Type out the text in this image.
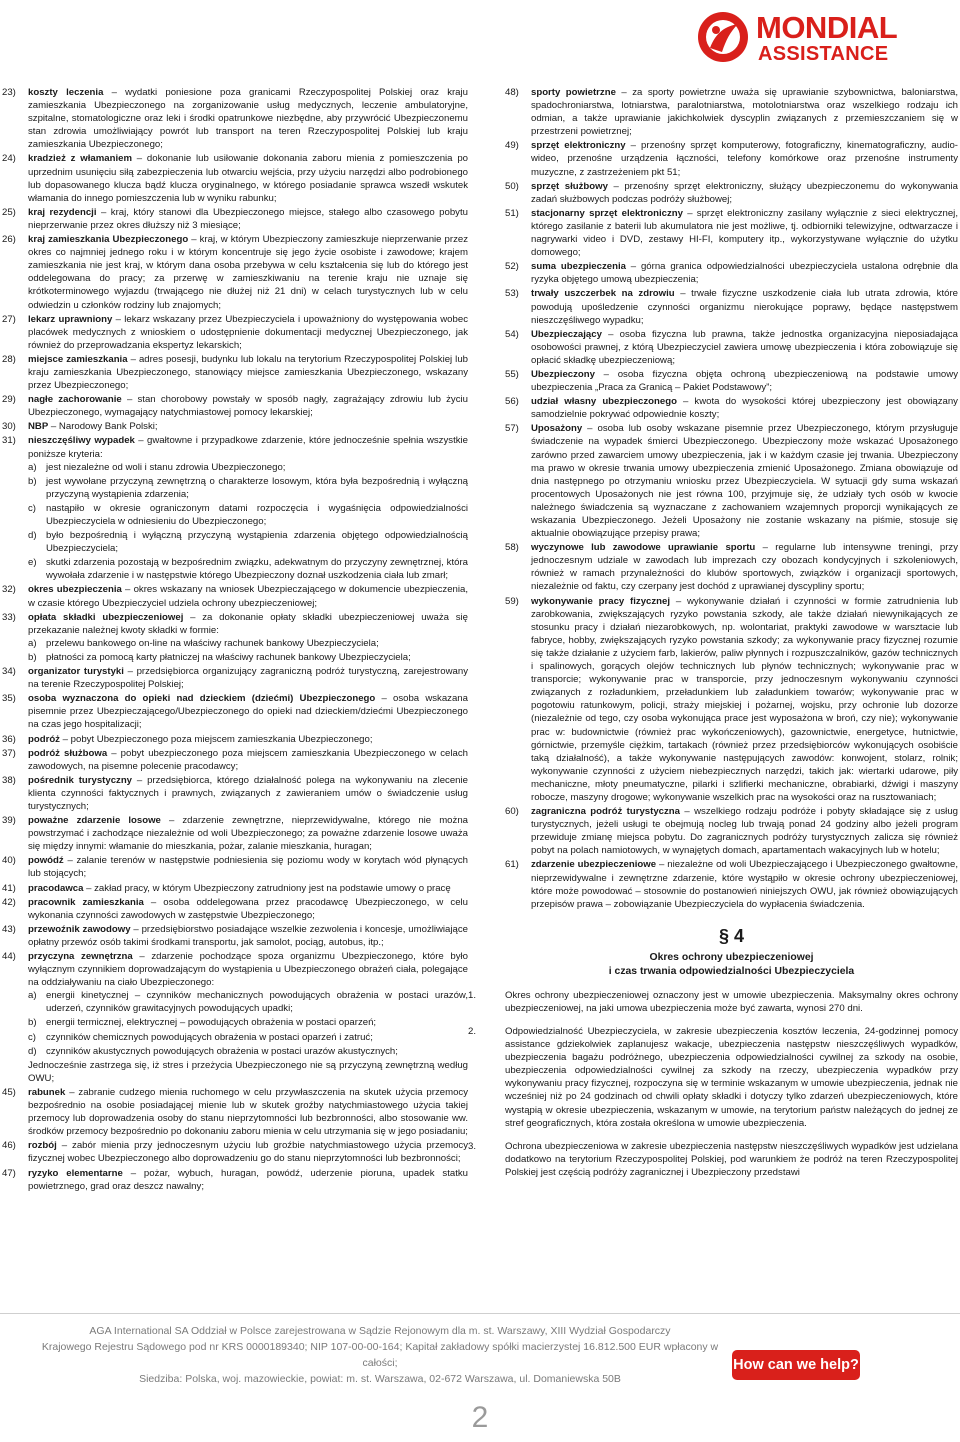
MONDIAL
ASSISTANCE
23) koszty leczenia – wydatki poniesione poza granicami Rzeczypospolitej Polskiej oraz kraju zamieszkania Ubezpieczonego na zorganizowanie usług medycznych, leczenie ambulatoryjne, szpitalne, stomatologiczne oraz leki i środki opatrunkowe niezbędne, aby przywrócić Ubezpieczonemu stan zdrowia umożliwiający powrót lub transport na teren Rzeczypospolitej Polskiej lub kraju zamieszkania Ubezpieczonego;
24) kradzież z włamaniem – dokonanie lub usiłowanie dokonania zaboru mienia z pomieszczenia po uprzednim usunięciu siłą zabezpieczenia lub otwarciu wejścia, przy użyciu narzędzi albo podrobionego lub dopasowanego klucza bądź klucza oryginalnego, w którego posiadanie sprawca wszedł wskutek włamania do innego pomieszczenia lub w wyniku rabunku;
25) kraj rezydencji – kraj, który stanowi dla Ubezpieczonego miejsce, stałego albo czasowego pobytu nieprzerwanie przez okres dłuższy niż 3 miesiące;
26) kraj zamieszkania Ubezpieczonego – kraj, w którym Ubezpieczony zamieszkuje nieprzerwanie przez okres co najmniej jednego roku i w którym koncentruje się jego życie osobiste i zawodowe; krajem zamieszkania nie jest kraj, w którym dana osoba przebywa w celu kształcenia się lub do którego jest oddelegowana do pracy; za przerwę w zamieszkiwaniu na terenie kraju nie uznaje się krótkoterminowego wyjazdu (trwającego nie dłużej niż 21 dni) w celach turystycznych lub w celu odwiedzin u członków rodziny lub znajomych;
27) lekarz uprawniony – lekarz wskazany przez Ubezpieczyciela i upoważniony do występowania wobec placówek medycznych z wnioskiem o udostępnienie dokumentacji medycznej Ubezpieczonego, jak również do przeprowadzania ekspertyz lekarskich;
28) miejsce zamieszkania – adres posesji, budynku lub lokalu na terytorium Rzeczypospolitej Polskiej lub kraju zamieszkania Ubezpieczonego, stanowiący miejsce zamieszkania Ubezpieczonego, wskazany przez Ubezpieczonego;
29) nagłe zachorowanie – stan chorobowy powstały w sposób nagły, zagrażający zdrowiu lub życiu Ubezpieczonego, wymagający natychmiastowej pomocy lekarskiej;
30) NBP – Narodowy Bank Polski;
31) nieszczęśliwy wypadek – gwałtowne i przypadkowe zdarzenie, które jednocześnie spełnia wszystkie poniższe kryteria:
a) jest niezależne od woli i stanu zdrowia Ubezpieczonego;
b) jest wywołane przyczyną zewnętrzną o charakterze losowym, która była bezpośrednią i wyłączną przyczyną wystąpienia zdarzenia;
c) nastąpiło w okresie ograniczonym datami rozpoczęcia i wygaśnięcia odpowiedzialności Ubezpieczyciela w odniesieniu do Ubezpieczonego;
d) było bezpośrednią i wyłączną przyczyną wystąpienia zdarzenia objętego odpowiedzialnością Ubezpieczyciela;
e) skutki zdarzenia pozostają w bezpośrednim związku, adekwatnym do przyczyny zewnętrznej, która wywołała zdarzenie i w następstwie którego Ubezpieczony doznał uszkodzenia ciała lub zmarł;
32) okres ubezpieczenia – okres wskazany na wniosek Ubezpieczającego w dokumencie ubezpieczenia, w czasie którego Ubezpieczyciel udziela ochrony ubezpieczeniowej;
33) opłata składki ubezpieczeniowej – za dokonanie opłaty składki ubezpieczeniowej uważa się przekazanie należnej kwoty składki w formie:
a) przelewu bankowego on-line na właściwy rachunek bankowy Ubezpieczyciela;
b) płatności za pomocą karty płatniczej na właściwy rachunek bankowy Ubezpieczyciela;
34) organizator turystyki – przedsiębiorca organizujący zagraniczną podróż turystyczną, zarejestrowany na terenie Rzeczypospolitej Polskiej;
35) osoba wyznaczona do opieki nad dzieckiem (dziećmi) Ubezpieczonego – osoba wskazana pisemnie przez Ubezpieczającego/Ubezpieczonego do opieki nad dzieckiem/dziećmi Ubezpieczonego na czas jego hospitalizacji;
36) podróż – pobyt Ubezpieczonego poza miejscem zamieszkania Ubezpieczonego;
37) podróż służbowa – pobyt ubezpieczonego poza miejscem zamieszkania Ubezpieczonego w celach zawodowych, na pisemne polecenie pracodawcy;
38) pośrednik turystyczny – przedsiębiorca, którego działalność polega na wykonywaniu na zlecenie klienta czynności faktycznych i prawnych, związanych z zawieraniem umów o świadczenie usług turystycznych;
39) poważne zdarzenie losowe – zdarzenie zewnętrzne, nieprzewidywalne, którego nie można powstrzymać i zachodzące niezależnie od woli Ubezpieczonego; za poważne zdarzenie losowe uważa się między innymi: włamanie do mieszkania, pożar, zalanie mieszkania, huragan;
40) powódź – zalanie terenów w następstwie podniesienia się poziomu wody w korytach wód płynących lub stojących;
41) pracodawca – zakład pracy, w którym Ubezpieczony zatrudniony jest na podstawie umowy o pracę
42) pracownik zamieszkania – osoba oddelegowana przez pracodawcę Ubezpieczonego, w celu wykonania czynności zawodowych w zastępstwie Ubezpieczonego;
43) przewoźnik zawodowy – przedsiębiorstwo posiadające wszelkie zezwolenia i koncesje, umożliwiające opłatny przewóz osób takimi środkami transportu, jak samolot, pociąg, autobus, itp.;
44) przyczyna zewnętrzna – zdarzenie pochodzące spoza organizmu Ubezpieczonego, które było wyłącznym czynnikiem doprowadzającym do wystąpienia u Ubezpieczonego obrażeń ciała, polegające na oddziaływaniu na ciało Ubezpieczonego:
a) energii kinetycznej – czynników mechanicznych powodujących obrażenia w postaci urazów, uderzeń, czynników grawitacyjnych powodujących upadki;
b) energii termicznej, elektrycznej – powodujących obrażenia w postaci oparzeń;
c) czynników chemicznych powodujących obrażenia w postaci oparzeń i zatruć;
d) czynników akustycznych powodujących obrażenia w postaci urazów akustycznych;
Jednocześnie zastrzega się, iż stres i przeżycia Ubezpieczonego nie są przyczyną zewnętrzną według OWU;
45) rabunek – zabranie cudzego mienia ruchomego w celu przywłaszczenia na skutek użycia przemocy bezpośrednio na osobie posiadającej mienie lub w skutek groźby natychmiastowego użycia takiej przemocy lub doprowadzenia osoby do stanu nieprzytomności lub bezbronności, albo stosowanie ww. środków przemocy bezpośrednio po dokonaniu zaboru mienia w celu utrzymania się w jego posiadaniu;
46) rozbój – zabór mienia przy jednoczesnym użyciu lub groźbie natychmiastowego użycia przemocy fizycznej wobec Ubezpieczonego albo doprowadzeniu go do stanu nieprzytomności lub bezbronności;
47) ryzyko elementarne – pożar, wybuch, huragan, powódź, uderzenie pioruna, upadek statku powietrznego, grad oraz deszcz nawalny;
48) sporty powietrzne – za sporty powietrzne uważa się uprawianie szybownictwa, baloniarstwa, spadochroniarstwa, lotniarstwa, paralotniarstwa, motolotniarstwa oraz wszelkiego rodzaju ich odmian, a także uprawianie jakichkolwiek dyscyplin związanych z przemieszczaniem się w przestrzeni powietrznej;
49) sprzęt elektroniczny – przenośny sprzęt komputerowy, fotograficzny, kinematograficzny, audio-wideo, przenośne urządzenia łączności, telefony komórkowe oraz przenośne instrumenty muzyczne, z zastrzeżeniem pkt 51;
50) sprzęt służbowy – przenośny sprzęt elektroniczny, służący ubezpieczonemu do wykonywania zadań służbowych podczas podróży służbowej;
51) stacjonarny sprzęt elektroniczny – sprzęt elektroniczny zasilany wyłącznie z sieci elektrycznej, którego zasilanie z baterii lub akumulatora nie jest możliwe, tj. odbiorniki telewizyjne, odtwarzacze i nagrywarki video i DVD, zestawy HI-FI, komputery itp., wykorzystywane wyłącznie do użytku domowego;
52) suma ubezpieczenia – górna granica odpowiedzialności ubezpieczyciela ustalona odrębnie dla ryzyka objętego umową ubezpieczenia;
53) trwały uszczerbek na zdrowiu – trwałe fizyczne uszkodzenie ciała lub utrata zdrowia, które powodują upośledzenie czynności organizmu nierokujące poprawy, będące następstwem nieszczęśliwego wypadku;
54) Ubezpieczający – osoba fizyczna lub prawna, także jednostka organizacyjna nieposiadająca osobowości prawnej, z którą Ubezpieczyciel zawiera umowę ubezpieczenia i która zobowiązuje się opłacić składkę ubezpieczeniową;
55) Ubezpieczony – osoba fizyczna objęta ochroną ubezpieczeniową na podstawie umowy ubezpieczenia „Praca za Granicą – Pakiet Podstawowy”;
56) udział własny ubezpieczonego – kwota do wysokości której ubezpieczony jest obowiązany samodzielnie pokrywać odpowiednie koszty;
57) Uposażony – osoba lub osoby wskazane pisemnie przez Ubezpieczonego, którym przysługuje świadczenie na wypadek śmierci Ubezpieczonego. Ubezpieczony może wskazać Uposażonego zarówno przed zawarciem umowy ubezpieczenia, jak i w każdym czasie jej trwania. Ubezpieczony ma prawo w okresie trwania umowy ubezpieczenia zmienić Uposażonego. Zmiana obowiązuje od dnia następnego po otrzymaniu wniosku przez Ubezpieczyciela. W sytuacji gdy suma wskazań procentowych Uposażonych nie jest równa 100, przyjmuje się, że udziały tych osób w kwocie należnego świadczenia są wyznaczane z zachowaniem wzajemnych proporcji wynikających ze wskazania Ubezpieczonego. Jeżeli Uposażony nie zostanie wskazany na piśmie, stosuje się aktualnie obowiązujące przepisy prawa;
58) wyczynowe lub zawodowe uprawianie sportu – regularne lub intensywne treningi, przy jednoczesnym udziale w zawodach lub imprezach czy obozach kondycyjnych i szkoleniowych, również w ramach przynależności do klubów sportowych, związków i organizacji sportowych, niezależnie od faktu, czy czerpany jest dochód z uprawianej dyscypliny sportu;
59) wykonywanie pracy fizycznej – wykonywanie działań i czynności w formie zatrudnienia lub zarobkowania, zwiększających ryzyko powstania szkody, ale także działań niewynikających ze stosunku pracy i działań niezarobkowych, np. wolontariat, praktyki zawodowe w warsztacie lub fabryce, hobby, zwiększających ryzyko powstania szkody; za wykonywanie pracy fizycznej rozumie się także działanie z użyciem farb, lakierów, paliw płynnych i rozpuszczalników, gazów technicznych i spalinowych, gorących olejów technicznych lub płynów technicznych; wykonywanie prac w transporcie; wykonywanie prac w transporcie, przy jednoczesnym wykonywaniu czynności związanych z rozładunkiem, przeładunkiem lub załadunkiem towarów; wykonywanie prac w pogotowiu ratunkowym, policji, straży miejskiej i pożarnej, wojsku, przy ochronie lub dozorze (niezależnie od tego, czy osoba wykonująca prace jest wyposażona w broń, czy nie); wykonywanie prac w: budownictwie (również prac wykończeniowych), gazownictwie, energetyce, hutnictwie, górnictwie, przemyśle ciężkim, tartakach (również przez przedsiębiorców wykonujących osobiście taką działalność), a także wykonywanie następujących zawodów: konwojent, stolarz, rolnik; wykonywanie czynności z użyciem niebezpiecznych narzędzi, takich jak: wiertarki udarowe, piły mechaniczne, młoty pneumatyczne, pilarki i szlifierki mechaniczne, obrabiarki, dźwigi i maszyny robocze, maszyny drogowe; wykonywanie wszelkich prac na wysokości oraz na rusztowaniach;
60) zagraniczna podróż turystyczna – wszelkiego rodzaju podróże i pobyty składające się z usług turystycznych, jeżeli usługi te obejmują nocleg lub trwają ponad 24 godziny albo jeżeli program przewiduje zmianę miejsca pobytu. Do zagranicznych podróży turystycznych zalicza się również pobyt na polach namiotowych, w wynajętych domach, apartamentach wakacyjnych lub w hotelu;
61) zdarzenie ubezpieczeniowe – niezależne od woli Ubezpieczającego i Ubezpieczonego gwałtowne, nieprzewidywalne i zewnętrzne zdarzenie, które wystąpiło w okresie ochrony ubezpieczeniowej, które może powodować – stosownie do postanowień niniejszych OWU, jak również obowiązujących przepisów prawa – zobowiązanie Ubezpieczyciela do wypłacenia świadczenia.
§ 4
Okres ochrony ubezpieczeniowej
i czas trwania odpowiedzialności Ubezpieczyciela
1.	Okres ochrony ubezpieczeniowej oznaczony jest w umowie ubezpieczenia. Maksymalny okres ochrony ubezpieczeniowej, na jaki umowa ubezpieczenia może być zawarta, wynosi 270 dni.
2.	Odpowiedzialność Ubezpieczyciela, w zakresie ubezpieczenia kosztów leczenia, 24-godzinnej pomocy assistance gdziekolwiek zaplanujesz wakacje, ubezpieczenia następstw nieszczęśliwych wypadków, ubezpieczenia bagażu podróżnego, ubezpieczenia odpowiedzialności cywilnej za szkody na osobie, ubezpieczenia odpowiedzialności cywilnej za szkody na rzeczy, ubezpieczenia wypadków przy wykonywaniu pracy fizycznej, rozpoczyna się w terminie wskazanym w umowie ubezpieczenia, jednak nie wcześniej niż po 24 godzinach od chwili opłaty składki i dotyczy tylko zdarzeń ubezpieczeniowych, które wystąpią w okresie ubezpieczenia, wskazanym w umowie, na terytorium państw należących do jednej ze stref geograficznych, która została określona w umowie ubezpieczenia.
3.	Ochrona ubezpieczeniowa w zakresie ubezpieczenia następstw nieszczęśliwych wypadków jest udzielana dodatkowo na terytorium Rzeczypospolitej Polskiej, pod warunkiem że podróż na teren Rzeczypospolitej Polskiej jest częścią podróży zagranicznej i Ubezpieczony przedstawi
AGA International SA Oddział w Polsce zarejestrowana w Sądzie Rejonowym dla m. st. Warszawy, XIII Wydział Gospodarczy
Krajowego Rejestru Sądowego pod nr KRS 0000189340; NIP 107-00-00-164; Kapitał zakładowy spółki macierzystej 16.812.500 EUR wpłacony w całości;
Siedziba: Polska, woj. mazowieckie, powiat: m. st. Warszawa, 02-672 Warszawa, ul. Domaniewska 50B
How can we help?
2
